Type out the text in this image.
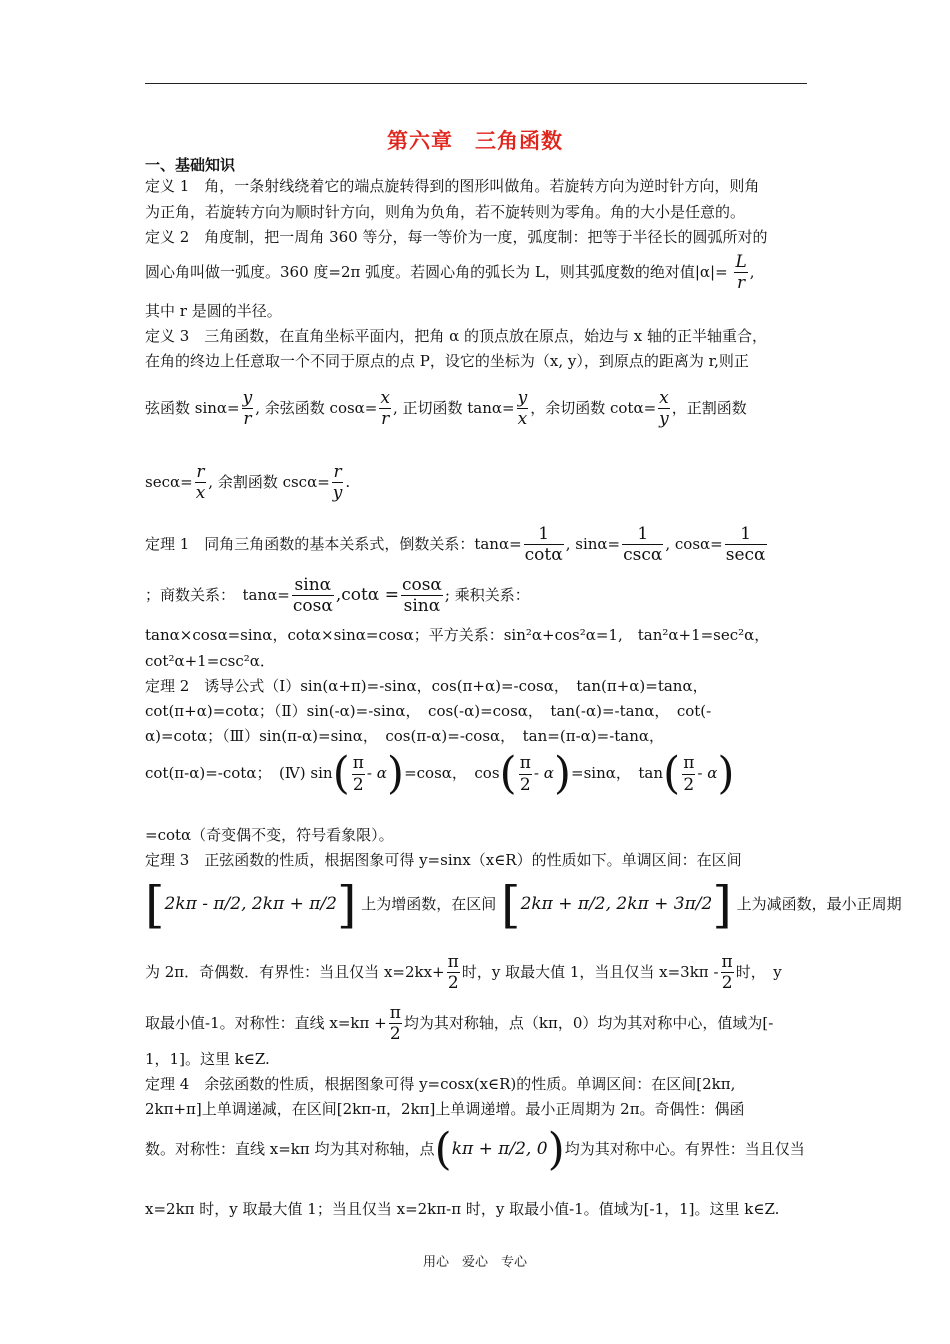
第六章　三角函数
一、基础知识
定义 1　角，一条射线绕着它的端点旋转得到的图形叫做角。若旋转方向为逆时针方向，则角
为正角，若旋转方向为顺时针方向，则角为负角，若不旋转则为零角。角的大小是任意的。
定义 2　角度制，把一周角 360 等分，每一等价为一度，弧度制：把等于半径长的圆弧所对的
圆心角叫做一弧度。360 度=2π 弧度。若圆心角的弧长为 L，则其弧度数的绝对值$|\alpha|= \frac{L}{r}$ ,
其中 r 是圆的半径。
定义 3　三角函数，在直角坐标平面内，把角 α 的顶点放在原点，始边与 x 轴的正半轴重合，
在角的终边上任意取一个不同于原点的点 P，设它的坐标为（x, y），到原点的距离为 r,则正
弦函数 $\sin\alpha= \frac{y}{r}$ , 余弦函数 $\cos\alpha= \frac{x}{r}$ , 正切函数 $\tan\alpha= \frac{y}{x}$ ，余切函数 $\cot\alpha= \frac{x}{y}$ ，正割函数
$\sec\alpha= \frac{r}{x}$ , 余割函数 $\csc\alpha= \frac{r}{y}$ .
定理 1　同角三角函数的基本关系式，倒数关系：$\tan\alpha= \frac{1}{\cot\alpha}$ , sinα=	1
cscα
, cosα=	1
secα
；商数关系：　$\tan\alpha= \frac{\sin\alpha}{\cos\alpha} ,\cot\alpha = \frac{\cos\alpha}{\sin\alpha}$ ; 乘积关系：
tanα×cosα=sinα，cotα×sinα=cosα；平方关系：sin²α+cos²α=1,　tan²α+1=sec²α，
cot²α+1=csc²α．
定理 2　诱导公式（Ⅰ）sin(α+π)=-sinα，cos(π+α)=-cosα，　tan(π+α)=tanα，
cot(π+α)=cotα；（Ⅱ）sin(-α)=-sinα，　cos(-α)=cosα，　tan(-α)=-tanα，　cot(-
α)=cotα；（Ⅲ）sin(π-α)=sinα，　cos(π-α)=-cosα，　tan=(π-α)=-tanα，
cot(π-α)=-cotα；　(Ⅳ) $\sin( \frac{\pi}{2} - \alpha)=\cos\alpha$，　$\cos( \frac{\pi}{2} - \alpha)=\sin\alpha$，　$\tan( \frac{\pi}{2} - \alpha)$
=cotα（奇变偶不变，符号看象限）。
定理 3　正弦函数的性质，根据图象可得 y=sinx（x∈R）的性质如下。单调区间：在区间
[2kπ - π/2, 2kπ + π/2] 上为增函数，在区间 [2kπ + π/2, 2kπ + 3π/2] 上为减函数，最小正周期
为 2π．奇偶数．有界性：当且仅当 $x=2kx+ \frac{\pi}{2}$ 时，y 取最大值 1，当且仅当 $x=3k\pi - \frac{\pi}{2}$ 时，　y
取最小值-1。对称性：直线 $x=k\pi + \frac{\pi}{2}$ 均为其对称轴，点（kπ，0）均为其对称中心，值域为[-
1，1]。这里 k∈Z.
定理 4　余弦函数的性质，根据图象可得 y=cosx(x∈R)的性质。单调区间：在区间[2kπ,
2kπ+π]上单调递减，在区间[2kπ-π，2kπ]上单调递增。最小正周期为 2π。奇偶性：偶函
数。对称性：直线 x=kπ 均为其对称轴，点(kπ + π/2, 0)均为其对称中心。有界性：当且仅当
x=2kπ 时，y 取最大值 1；当且仅当 x=2kπ-π 时，y 取最小值-1。值域为[-1，1]。这里 k∈Z.
用心　爱心　专心
